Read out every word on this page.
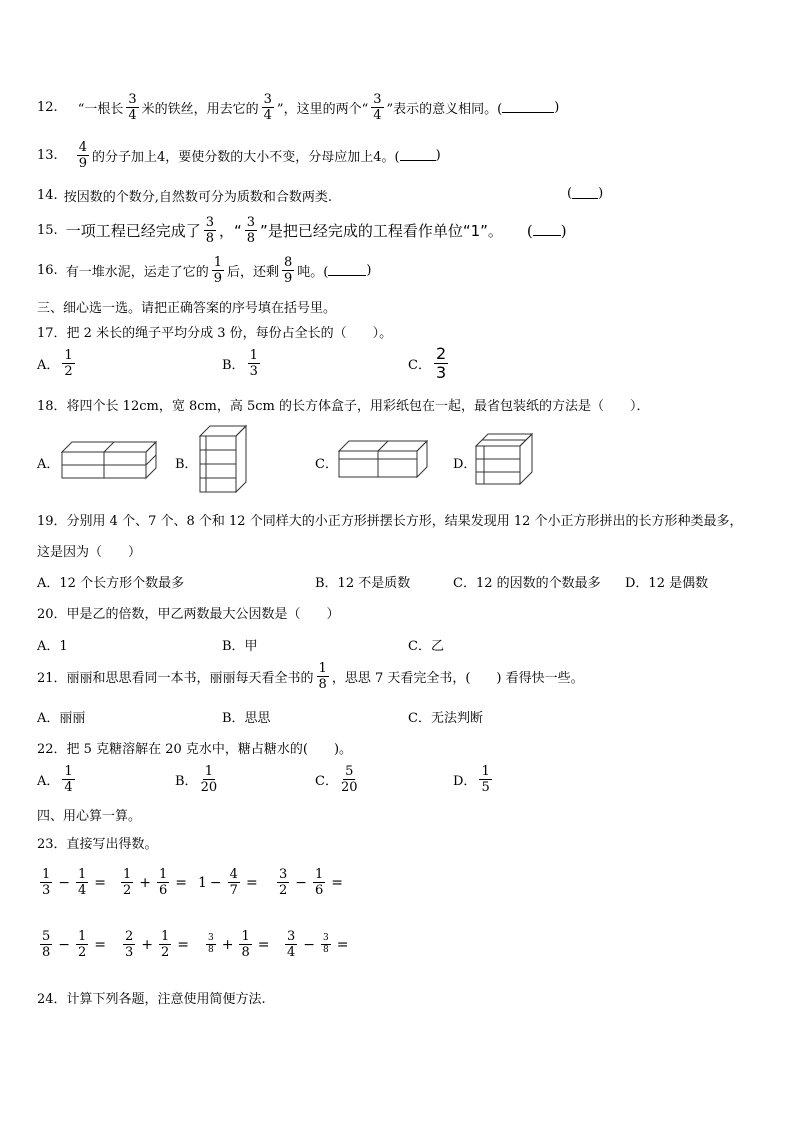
12. “一根长 $\frac{3}{4}$ 米的铁丝，用去它的 $\frac{3}{4}$ ”，这里的两个“ $\frac{3}{4}$ ”表示的意义相同。(	)
13. $\frac{4}{9}$ 的分子加上4，要使分数的大小不变，分母应加上4。(	)
14. 按因数的个数分,自然数可分为质数和合数两类.	( )
15. 一项工程已经完成了 $\frac{3}{8}$ ，“ $\frac{3}{8}$ ”是把已经完成的工程看作单位“1”。 ( )
16. 有一堆水泥，运走了它的 $\frac{1}{9}$ 后，还剩 $\frac{8}{9}$ 吨。(	)
三、细心选一选。请把正确答案的序号填在括号里。
17．把 2 米长的绳子平均分成 3 份，每份占全长的（　　）。
A． $\frac{1}{2}$	B． $\frac{1}{3}$	C． $\frac{2}{3}$
18．将四个长 12cm，宽 8cm，高 5cm 的长方体盒子，用彩纸包在一起，最省包装纸的方法是（　　）．
A．	B．	C．	D．
19．分别用 4 个、7 个、8 个和 12 个同样大的小正方形拼摆长方形，结果发现用 12 个小正方形拼出的长方形种类最多，
这是因为（　　）
A．12 个长方形个数最多	B．12 不是质数	C．12 的因数的个数最多 D．12 是偶数
20．甲是乙的倍数，甲乙两数最大公因数是（　　）
A．1	B．甲	C．乙
21．丽丽和思思看同一本书，丽丽每天看全书的 $\frac{1}{8}$ ，思思 7 天看完全书，(　　) 看得快一些。
A．丽丽	B．思思	C．无法判断
22．把 5 克糖溶解在 20 克水中，糖占糖水的(　　)。
A． $\frac{1}{4}$	B． $\frac{1}{20}$	C． $\frac{5}{20}$	D． $\frac{1}{5}$
四、用心算一算。
23．直接写出得数。
$\frac{1}{3} - \frac{1}{4} = \frac{1}{2} + \frac{1}{6} = 1 - \frac{4}{7} = \frac{3}{2} - \frac{1}{6}$ =
$\frac{5}{8} - \frac{1}{2} = \frac{2}{3} + \frac{1}{2} = \frac{3}{8} + \frac{1}{8} = \frac{3}{4} - \frac{3}{8}$ =
24．计算下列各题，注意使用简便方法.
